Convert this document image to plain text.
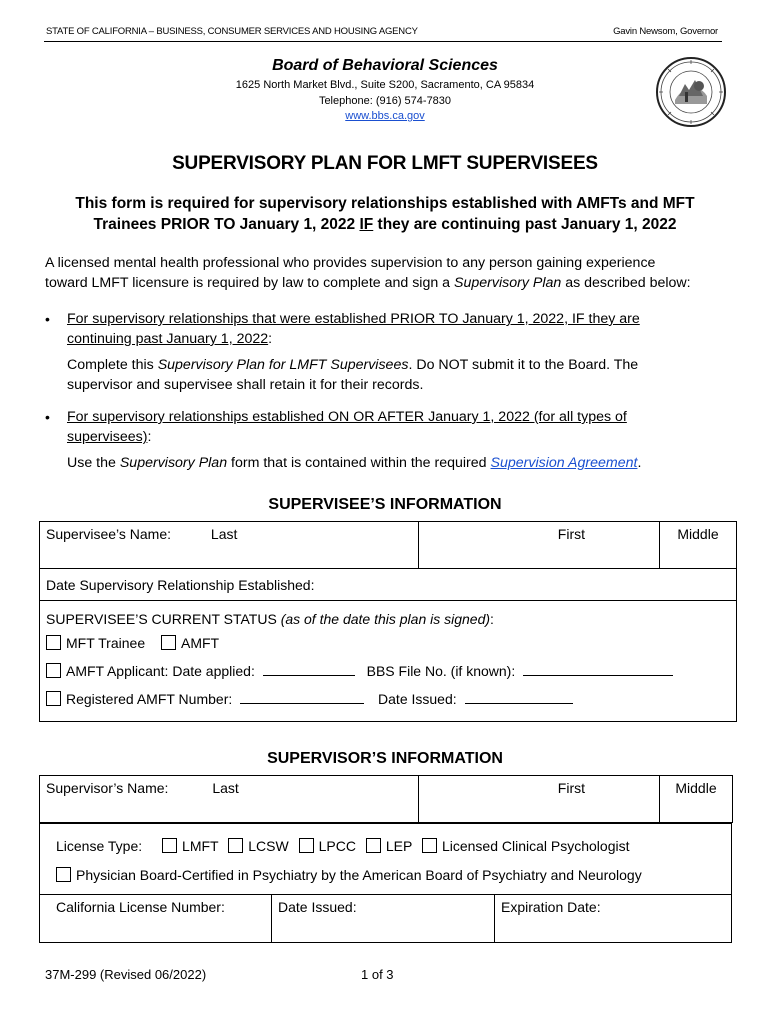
STATE OF CALIFORNIA – BUSINESS, CONSUMER SERVICES AND HOUSING AGENCY	Gavin Newsom, Governor
Board of Behavioral Sciences
1625 North Market Blvd., Suite S200, Sacramento, CA 95834
Telephone: (916) 574-7830
www.bbs.ca.gov
SUPERVISORY PLAN FOR LMFT SUPERVISEES
This form is required for supervisory relationships established with AMFTs and MFT
Trainees PRIOR TO January 1, 2022 IF they are continuing past January 1, 2022
A licensed mental health professional who provides supervision to any person gaining experience
toward LMFT licensure is required by law to complete and sign a Supervisory Plan as described below:
•	For supervisory relationships that were established PRIOR TO January 1, 2022, IF they are
continuing past January 1, 2022:
Complete this Supervisory Plan for LMFT Supervisees. Do NOT submit it to the Board. The
supervisor and supervisee shall retain it for their records.
•	For supervisory relationships established ON OR AFTER January 1, 2022 (for all types of
supervisees):
Use the Supervisory Plan form that is contained within the required Supervision Agreement.
SUPERVISEE’S INFORMATION
Supervisee’s Name:	Last	First	Middle
Date Supervisory Relationship Established:

SUPERVISEE’S CURRENT STATUS (as of the date this plan is signed):
MFT Trainee	AMFT
AMFT Applicant: Date applied:	BBS File No. (if known):
Registered AMFT Number:	Date Issued:
SUPERVISOR’S INFORMATION
Supervisor’s Name:	Last	First	Middle
License Type:	LMFT LCSW LPCC LEP Licensed Clinical Psychologist
Physician Board-Certified in Psychiatry by the American Board of Psychiatry and Neurology

California License Number:	Date Issued:	Expiration Date:
37M-299 (Revised 06/2022)	1 of 3
